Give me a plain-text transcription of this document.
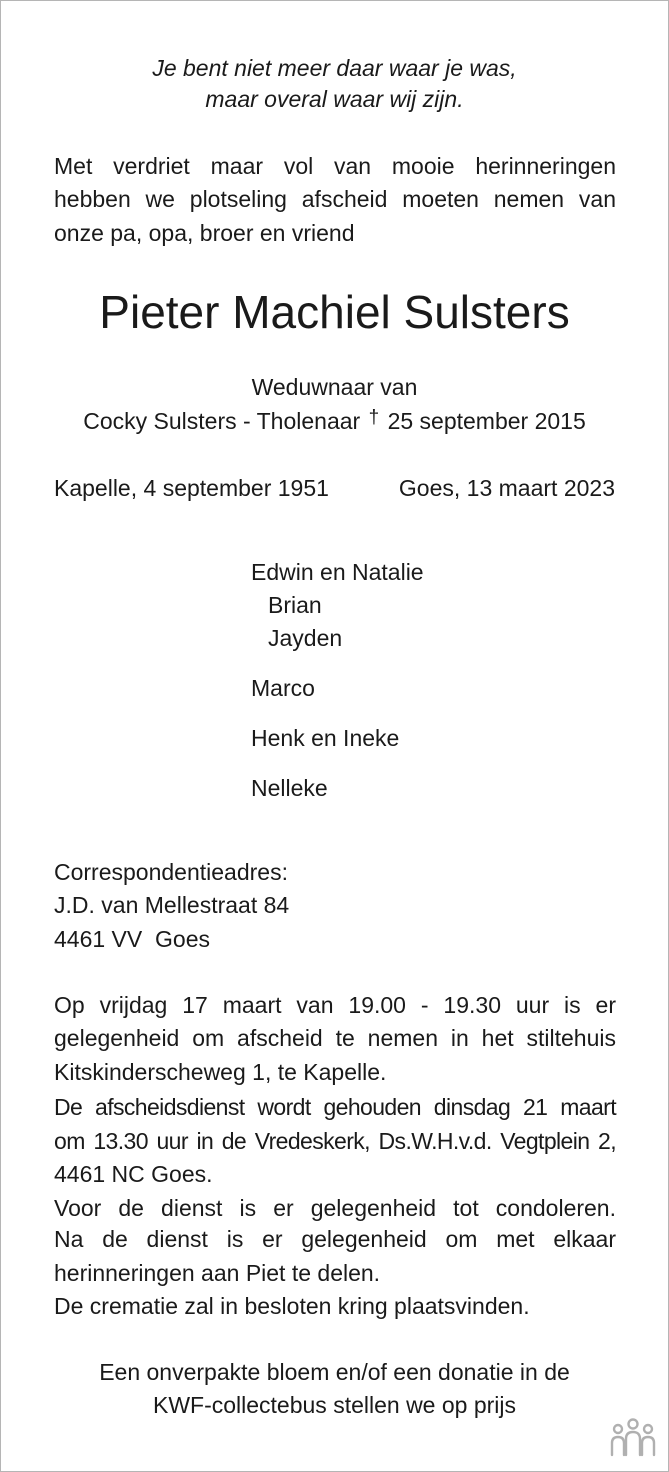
Je bent niet meer daar waar je was,
maar overal waar wij zijn.
Met verdriet maar vol van mooie herinneringen
hebben we plotseling afscheid moeten nemen van
onze pa, opa, broer en vriend
Pieter Machiel Sulsters
Weduwnaar van
Cocky Sulsters - Tholenaar † 25 september 2015
Kapelle, 4 september 1951	Goes, 13 maart 2023
Edwin en Natalie
Brian
Jayden
Marco
Henk en Ineke
Nelleke
Correspondentieadres:
J.D. van Mellestraat 84
4461 VV  Goes
Op vrijdag 17 maart van 19.00 - 19.30 uur is er
gelegenheid om afscheid te nemen in het stiltehuis
Kitskinderscheweg 1, te Kapelle.
De afscheidsdienst wordt gehouden dinsdag 21 maart
om 13.30 uur in de Vredeskerk, Ds.W.H.v.d. Vegtplein 2,
4461 NC Goes.
Voor de dienst is er gelegenheid tot condoleren.
Na de dienst is er gelegenheid om met elkaar
herinneringen aan Piet te delen.
De crematie zal in besloten kring plaatsvinden.
Een onverpakte bloem en/of een donatie in de
KWF-collectebus stellen we op prijs
